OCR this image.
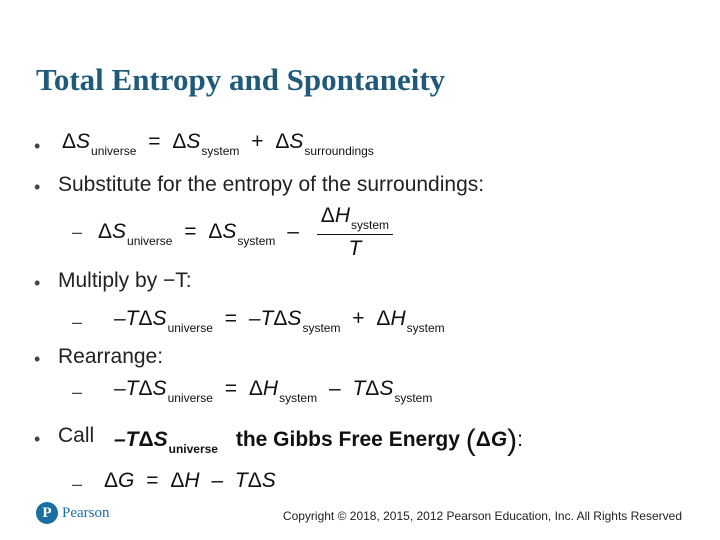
Total Entropy and Spontaneity
• $\Delta S_{universe} = \Delta S_{system} + \Delta S_{surroundings}$
• Substitute for the entropy of the surroundings:
– $\Delta S_{universe} = \Delta S_{system} - \frac{\Delta H_{system}}{T}$
• Multiply by −T:
– $-T\Delta S_{universe} = -T\Delta S_{system} + \Delta H_{system}$
• Rearrange:
– $-T\Delta S_{universe} = \Delta H_{system} - T\Delta S_{system}$
• Call $-T\Delta S_{universe}$ the Gibbs Free Energy (ΔG):
– ΔG = ΔH – TΔS
P Pearson	Copyright © 2018, 2015, 2012 Pearson Education, Inc. All Rights Reserved
